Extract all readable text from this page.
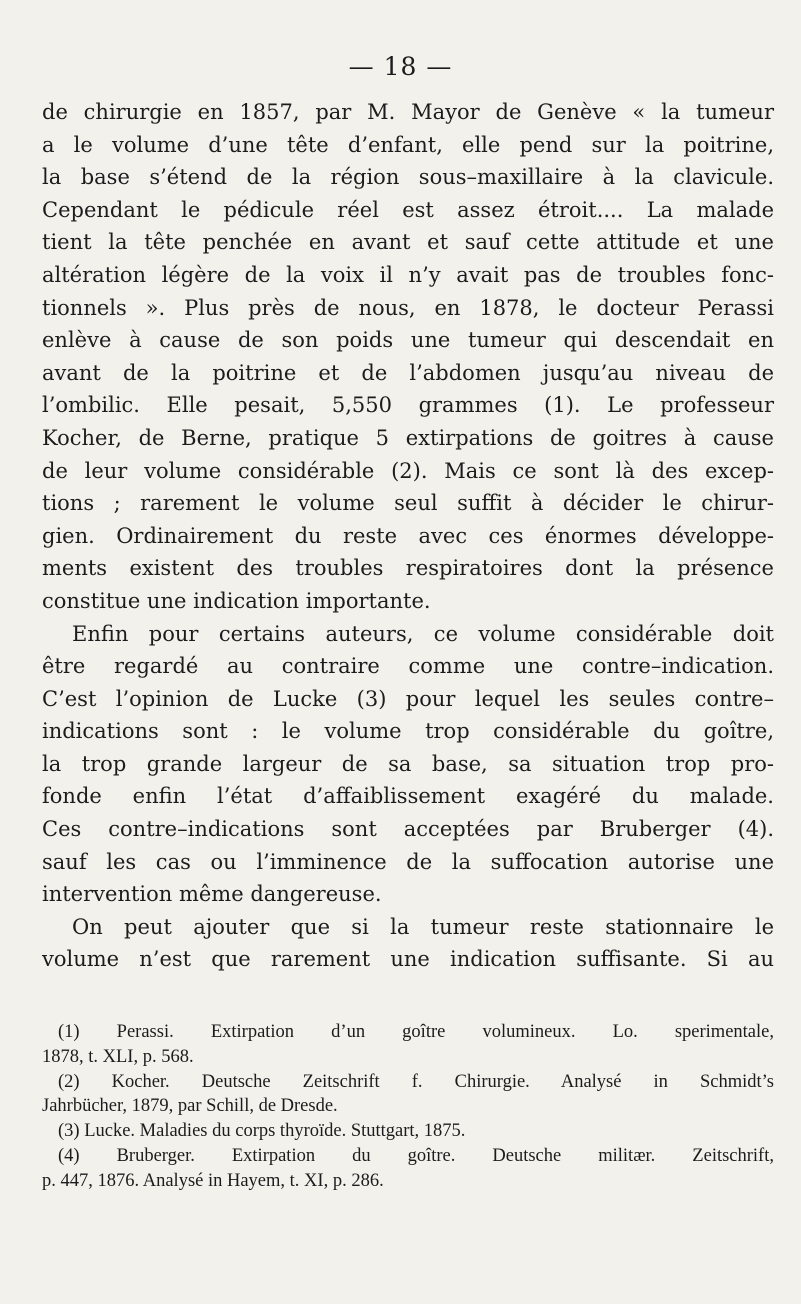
— 18 —
de chirurgie en 1857, par M. Mayor de Genève « la tumeur
a le volume d’une tête d’enfant, elle pend sur la poitrine,
la base s’étend de la région sous–maxillaire à la clavicule.
Cependant le pédicule réel est assez étroit.... La malade
tient la tête penchée en avant et sauf cette attitude et une
altération légère de la voix il n’y avait pas de troubles fonc-
tionnels ». Plus près de nous, en 1878, le docteur Perassi
enlève à cause de son poids une tumeur qui descendait en
avant de la poitrine et de l’abdomen jusqu’au niveau de
l’ombilic. Elle pesait, 5,550 grammes (1). Le professeur
Kocher, de Berne, pratique 5 extirpations de goitres à cause
de leur volume considérable (2). Mais ce sont là des excep-
tions ; rarement le volume seul suffit à décider le chirur-
gien. Ordinairement du reste avec ces énormes développe-
ments existent des troubles respiratoires dont la présence
constitue une indication importante.
Enfin pour certains auteurs, ce volume considérable doit
être regardé au contraire comme une contre–indication.
C’est l’opinion de Lucke (3) pour lequel les seules contre–
indications sont : le volume trop considérable du goître,
la trop grande largeur de sa base, sa situation trop pro-
fonde enfin l’état d’affaiblissement exagéré du malade.
Ces contre–indications sont acceptées par Bruberger (4).
sauf les cas ou l’imminence de la suffocation autorise une
intervention même dangereuse.
On peut ajouter que si la tumeur reste stationnaire le
volume n’est que rarement une indication suffisante. Si au
(1) Perassi. Extirpation d’un goître volumineux. Lo. sperimentale,
1878, t. XLI, p. 568.
(2) Kocher. Deutsche Zeitschrift f. Chirurgie. Analysé in Schmidt’s
Jahrbücher, 1879, par Schill, de Dresde.
(3) Lucke. Maladies du corps thyroïde. Stuttgart, 1875.
(4) Bruberger. Extirpation du goître. Deutsche militær. Zeitschrift,
p. 447, 1876. Analysé in Hayem, t. XI, p. 286.
